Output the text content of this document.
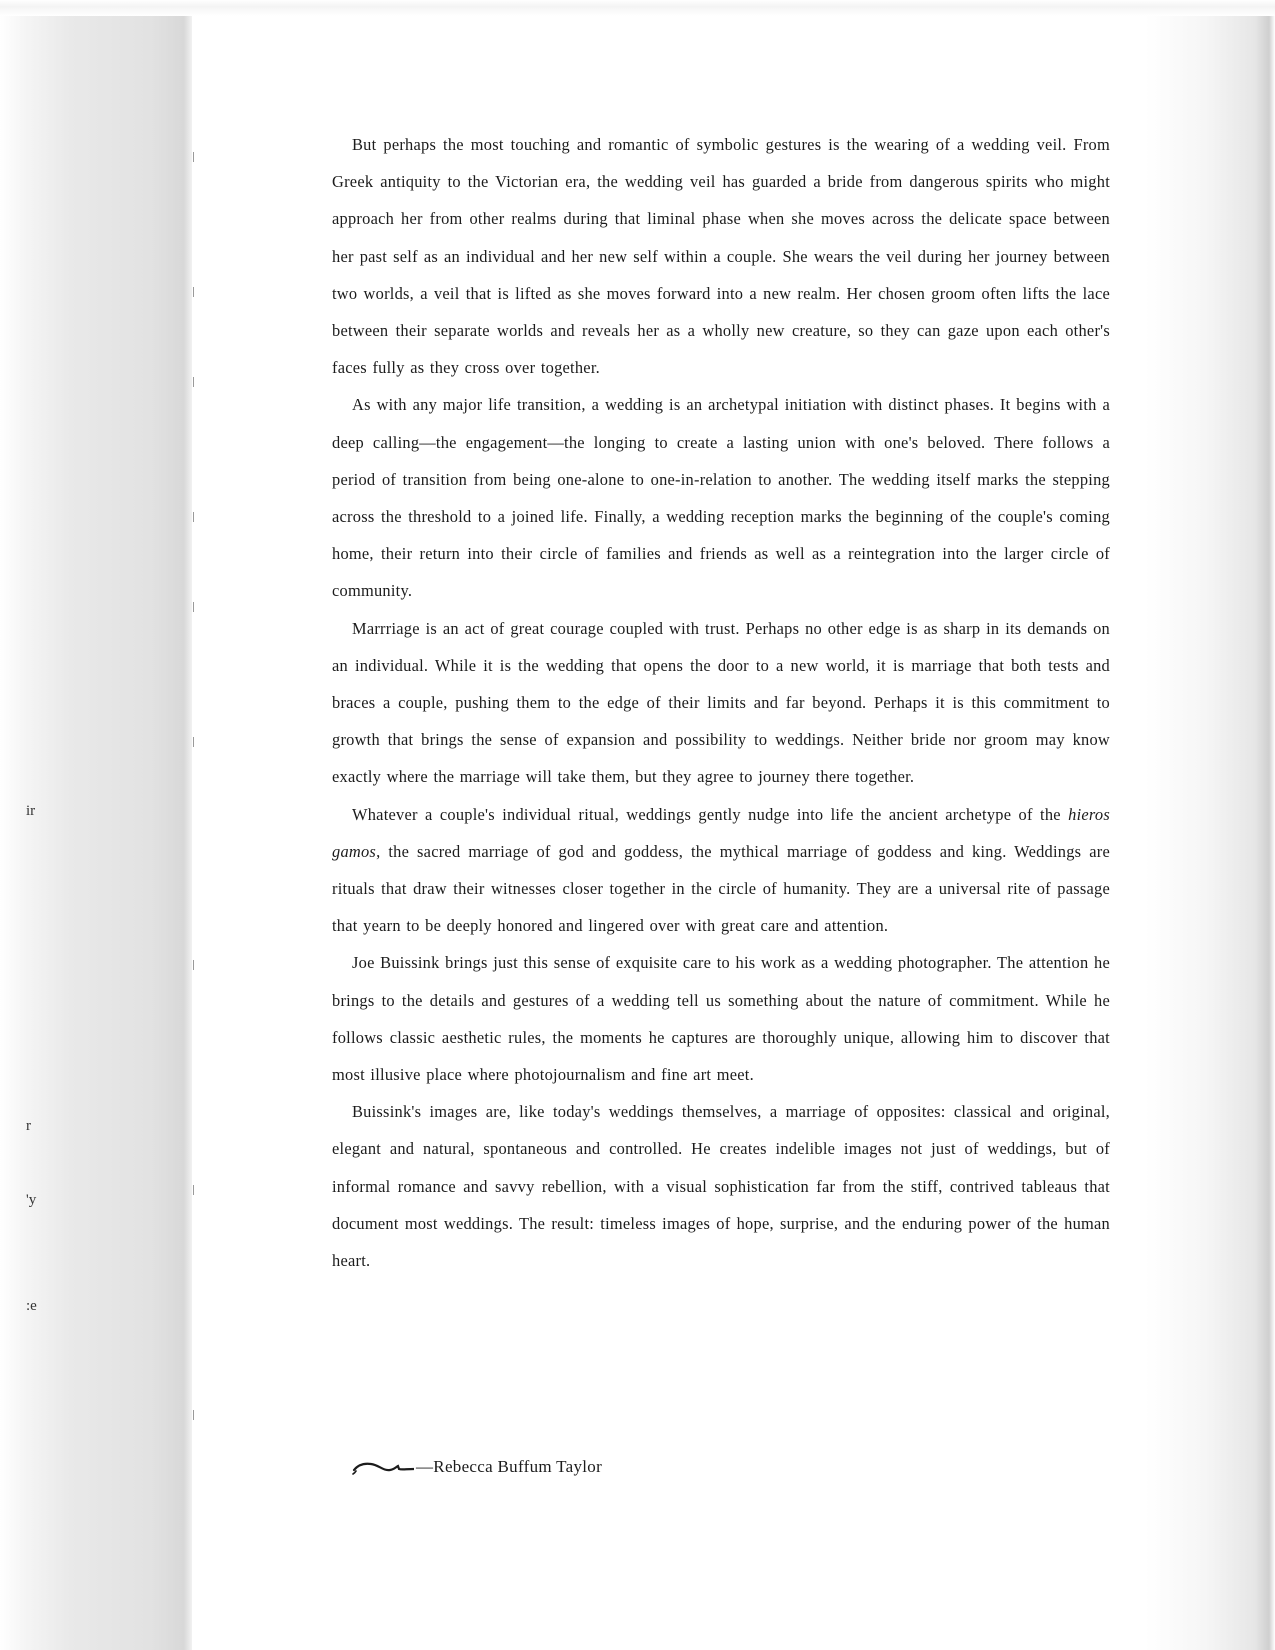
ir
r
'y
:e

But perhaps the most touching and romantic of symbolic gestures is the wearing of a wedding veil. From Greek antiquity to the Victorian era, the wedding veil has guarded a bride from dangerous spirits who might approach her from other realms during that liminal phase when she moves across the delicate space between her past self as an individual and her new self within a couple. She wears the veil during her journey between two worlds, a veil that is lifted as she moves forward into a new realm. Her chosen groom often lifts the lace between their separate worlds and reveals her as a wholly new creature, so they can gaze upon each other's faces fully as they cross over together.

As with any major life transition, a wedding is an archetypal initiation with distinct phases. It begins with a deep calling—the engagement—the longing to create a lasting union with one's beloved. There follows a period of transition from being one-alone to one-in-relation to another. The wedding itself marks the stepping across the threshold to a joined life. Finally, a wedding reception marks the beginning of the couple's coming home, their return into their circle of families and friends as well as a reintegration into the larger circle of community.

Marrriage is an act of great courage coupled with trust. Perhaps no other edge is as sharp in its demands on an individual. While it is the wedding that opens the door to a new world, it is marriage that both tests and braces a couple, pushing them to the edge of their limits and far beyond. Perhaps it is this commitment to growth that brings the sense of expansion and possibility to weddings. Neither bride nor groom may know exactly where the marriage will take them, but they agree to journey there together.

Whatever a couple's individual ritual, weddings gently nudge into life the ancient archetype of the hieros gamos, the sacred marriage of god and goddess, the mythical marriage of goddess and king. Weddings are rituals that draw their witnesses closer together in the circle of humanity. They are a universal rite of passage that yearn to be deeply honored and lingered over with great care and attention.

Joe Buissink brings just this sense of exquisite care to his work as a wedding photographer. The attention he brings to the details and gestures of a wedding tell us something about the nature of commitment. While he follows classic aesthetic rules, the moments he captures are thoroughly unique, allowing him to discover that most illusive place where photojournalism and fine art meet.

Buissink's images are, like today's weddings themselves, a marriage of opposites: classical and original, elegant and natural, spontaneous and controlled. He creates indelible images not just of weddings, but of informal romance and savvy rebellion, with a visual sophistication far from the stiff, contrived tableaus that document most weddings. The result: timeless images of hope, surprise, and the enduring power of the human heart.

—Rebecca Buffum Taylor
